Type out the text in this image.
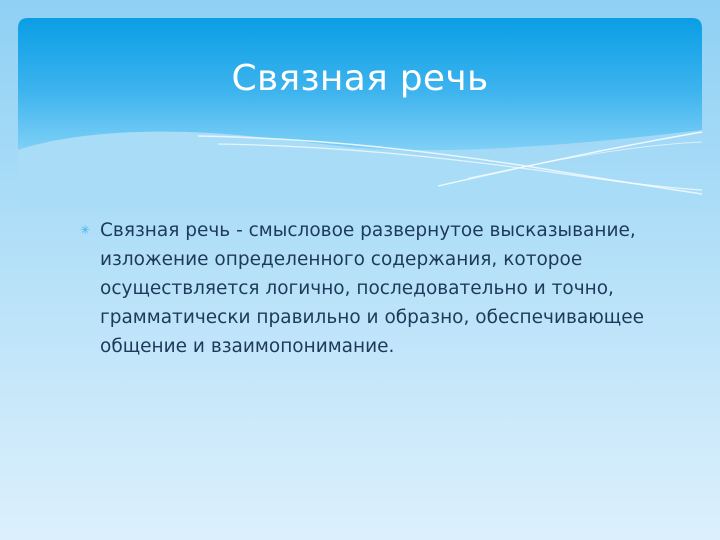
Связная речь
✳ Связная речь - смысловое развернутое высказывание, изложение определенного содержания, которое осуществляется логично, последовательно и точно, грамматически правильно и образно, обеспечивающее общение и взаимопонимание.
